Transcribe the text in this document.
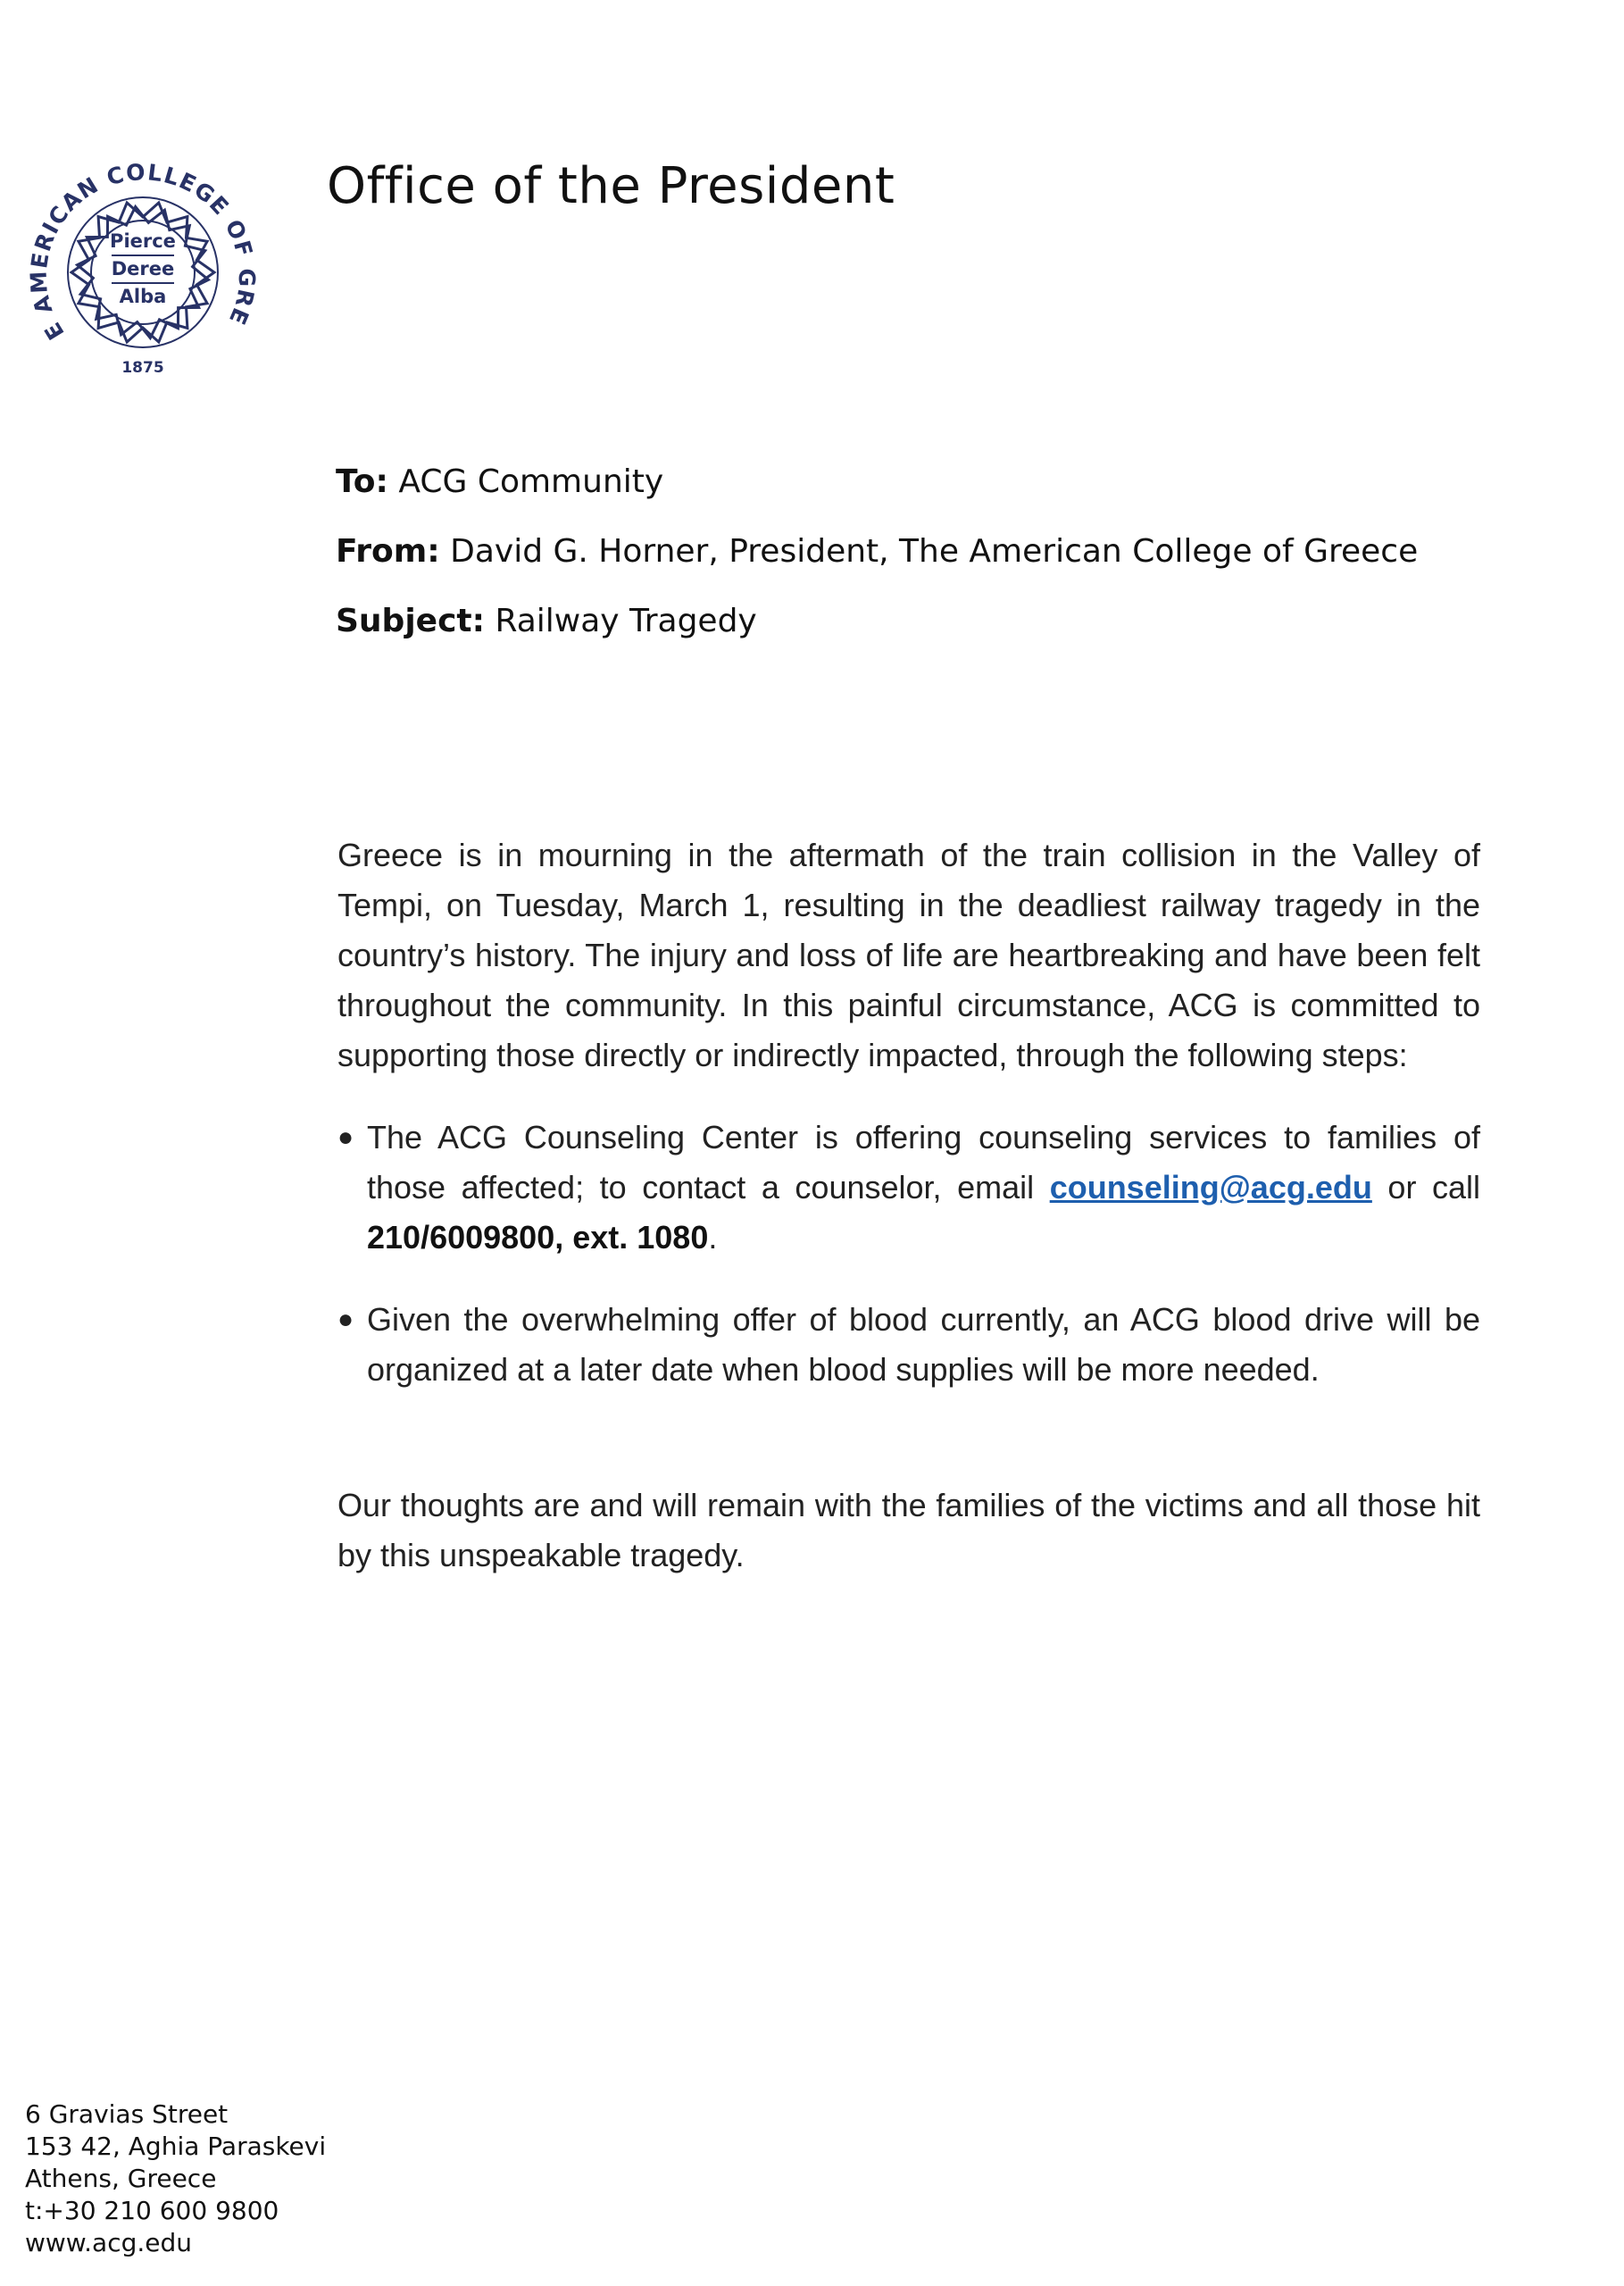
E AMERICAN COLLEGE OF GRE
Pierce
Deree
Alba
1875
Office of the President
To: ACG Community
From: David G. Horner, President, The American College of Greece
Subject: Railway Tragedy

Greece is in mourning in the aftermath of the train collision in the Valley of Tempi, on Tuesday, March 1, resulting in the deadliest railway tragedy in the country’s history. The injury and loss of life are heartbreaking and have been felt throughout the community. In this painful circumstance, ACG is committed to supporting those directly or indirectly impacted, through the following steps:

● The ACG Counseling Center is offering counseling services to families of those affected; to contact a counselor, email counseling@acg.edu or call 210/6009800, ext. 1080.
● Given the overwhelming offer of blood currently, an ACG blood drive will be organized at a later date when blood supplies will be more needed.

Our thoughts are and will remain with the families of the victims and all those hit by this unspeakable tragedy.

6 Gravias Street
153 42, Aghia Paraskevi
Athens, Greece
t:+30 210 600 9800
www.acg.edu
